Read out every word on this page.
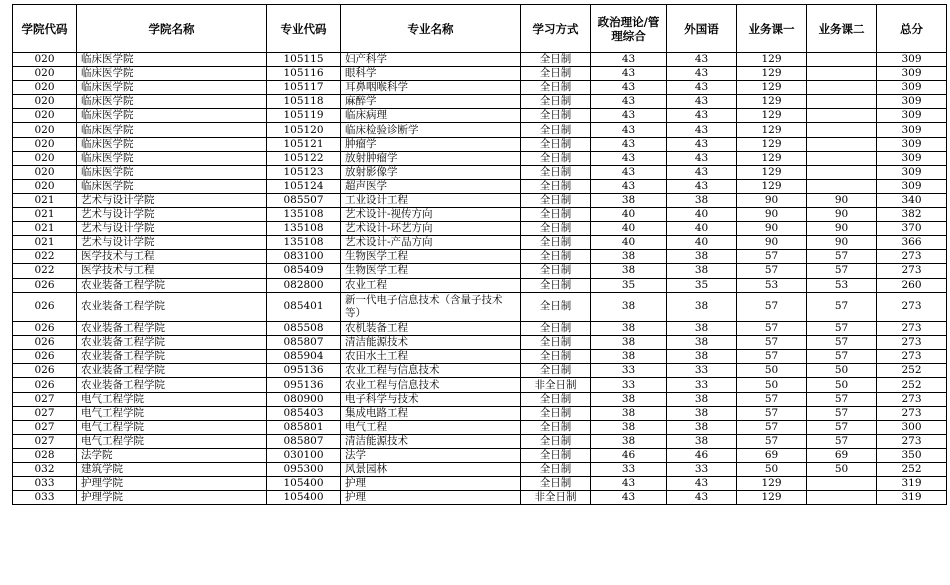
学院代码	学院名称	专业代码	专业名称	学习方式	政治理论/管理综合	外国语	业务课一	业务课二	总分
020	临床医学院	105115	妇产科学	全日制	43	43	129		309
020	临床医学院	105116	眼科学	全日制	43	43	129		309
020	临床医学院	105117	耳鼻咽喉科学	全日制	43	43	129		309
020	临床医学院	105118	麻醉学	全日制	43	43	129		309
020	临床医学院	105119	临床病理	全日制	43	43	129		309
020	临床医学院	105120	临床检验诊断学	全日制	43	43	129		309
020	临床医学院	105121	肿瘤学	全日制	43	43	129		309
020	临床医学院	105122	放射肿瘤学	全日制	43	43	129		309
020	临床医学院	105123	放射影像学	全日制	43	43	129		309
020	临床医学院	105124	超声医学	全日制	43	43	129		309
021	艺术与设计学院	085507	工业设计工程	全日制	38	38	90	90	340
021	艺术与设计学院	135108	艺术设计-视传方向	全日制	40	40	90	90	382
021	艺术与设计学院	135108	艺术设计-环艺方向	全日制	40	40	90	90	370
021	艺术与设计学院	135108	艺术设计-产品方向	全日制	40	40	90	90	366
022	医学技术与工程	083100	生物医学工程	全日制	38	38	57	57	273
022	医学技术与工程	085409	生物医学工程	全日制	38	38	57	57	273
026	农业装备工程学院	082800	农业工程	全日制	35	35	53	53	260
026	农业装备工程学院	085401	新一代电子信息技术（含量子技术等）	全日制	38	38	57	57	273
026	农业装备工程学院	085508	农机装备工程	全日制	38	38	57	57	273
026	农业装备工程学院	085807	清洁能源技术	全日制	38	38	57	57	273
026	农业装备工程学院	085904	农田水土工程	全日制	38	38	57	57	273
026	农业装备工程学院	095136	农业工程与信息技术	全日制	33	33	50	50	252
026	农业装备工程学院	095136	农业工程与信息技术	非全日制	33	33	50	50	252
027	电气工程学院	080900	电子科学与技术	全日制	38	38	57	57	273
027	电气工程学院	085403	集成电路工程	全日制	38	38	57	57	273
027	电气工程学院	085801	电气工程	全日制	38	38	57	57	300
027	电气工程学院	085807	清洁能源技术	全日制	38	38	57	57	273
028	法学院	030100	法学	全日制	46	46	69	69	350
032	建筑学院	095300	风景园林	全日制	33	33	50	50	252
033	护理学院	105400	护理	全日制	43	43	129		319
033	护理学院	105400	护理	非全日制	43	43	129		319
